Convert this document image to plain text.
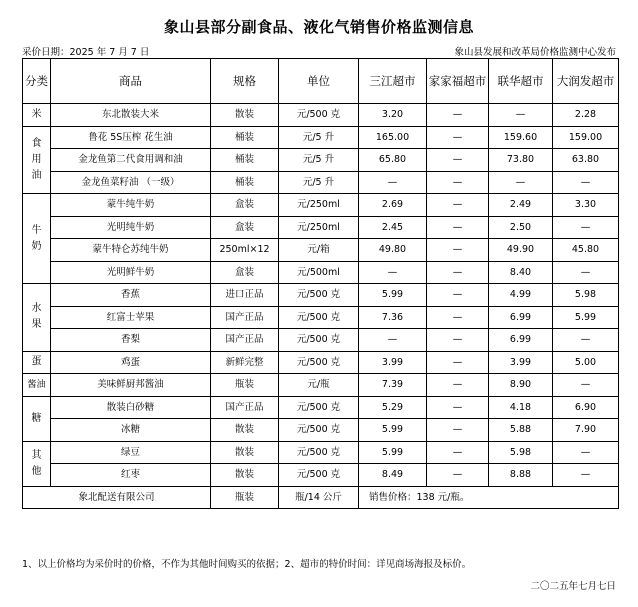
象山县部分副食品、液化气销售价格监测信息
采价日期：2025 年 7 月 7 日	象山县发展和改革局价格监测中心发布
分类	商品	规格	单位	三江超市	家家福超市	联华超市	大润发超市
米	东北散装大米	散装	元/500 克	3.20	—	—	2.28
食用油	鲁花 5S压榨 花生油	桶装	元/5 升	165.00	—	159.60	159.00
	金龙鱼第二代食用调和油	桶装	元/5 升	65.80	—	73.80	63.80
	金龙鱼菜籽油 （一级）	桶装	元/5 升	—	—	—	—
牛奶	蒙牛纯牛奶	盒装	元/250ml	2.69	—	2.49	3.30
	光明纯牛奶	盒装	元/250ml	2.45	—	2.50	—
	蒙牛特仑苏纯牛奶	250ml×12	元/箱	49.80	—	49.90	45.80
	光明鲜牛奶	盒装	元/500ml	—	—	8.40	—
水果	香蕉	进口正品	元/500 克	5.99	—	4.99	5.98
	红富士苹果	国产正品	元/500 克	7.36	—	6.99	5.99
	香梨	国产正品	元/500 克	—	—	6.99	—
蛋	鸡蛋	新鲜完整	元/500 克	3.99	—	3.99	5.00
酱油	美味鲜厨邦酱油	瓶装	元/瓶	7.39	—	8.90	—
糖	散装白砂糖	国产正品	元/500 克	5.29	—	4.18	6.90
	冰糖	散装	元/500 克	5.99	—	5.88	7.90
其他	绿豆	散装	元/500 克	5.99	—	5.98	—
	红枣	散装	元/500 克	8.49	—	8.88	—
象北配送有限公司		瓶装	瓶/14 公斤	销售价格：138 元/瓶。			
1、以上价格均为采价时的价格，不作为其他时间购买的依据；2、超市的特价时间：详见商场海报及标价。
二〇二五年七月七日
